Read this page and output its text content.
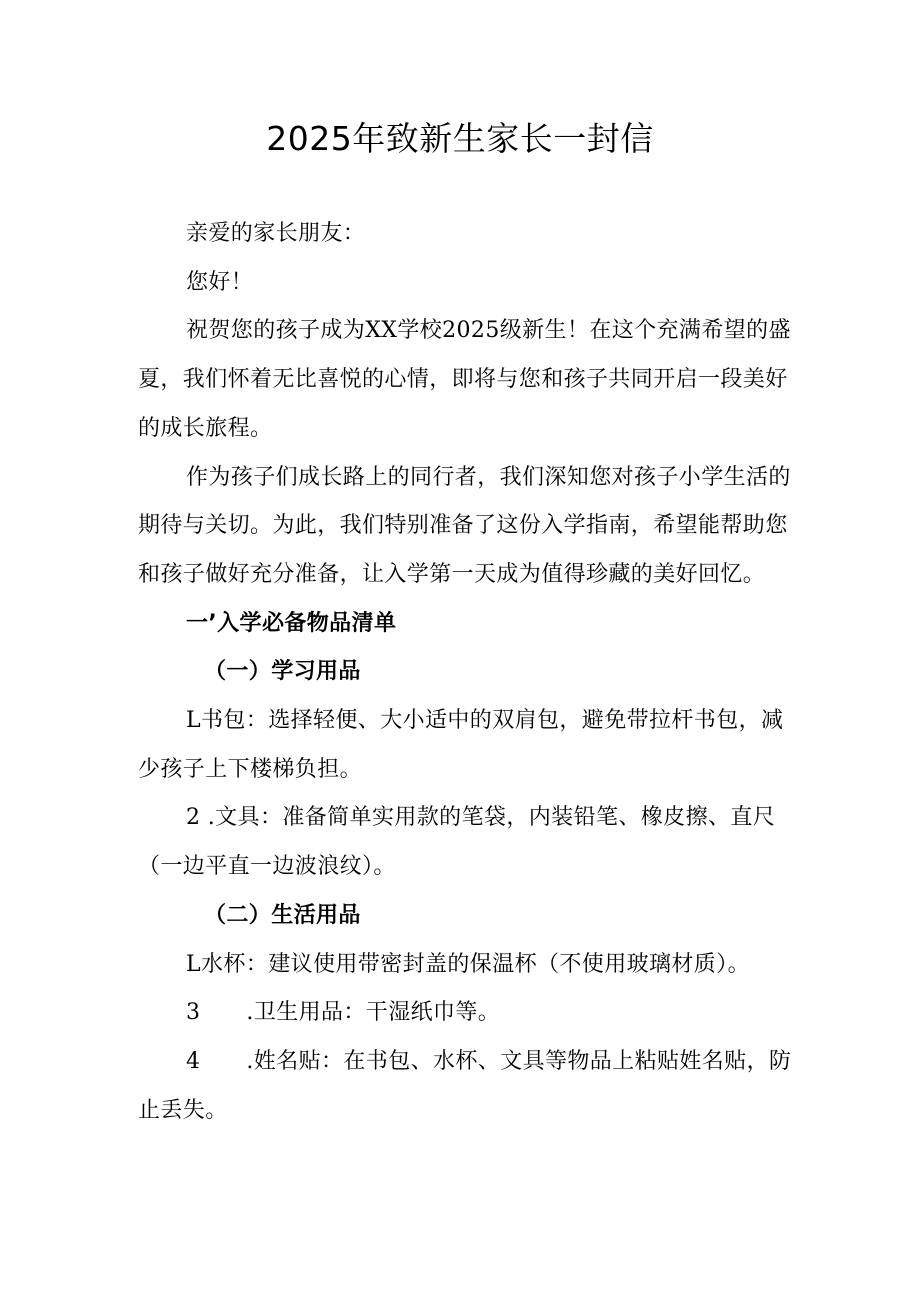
2025年致新生家长一封信

亲爱的家长朋友：

您好！

祝贺您的孩子成为XX学校2025级新生！在这个充满希望的盛夏，我们怀着无比喜悦的心情，即将与您和孩子共同开启一段美好的成长旅程。

作为孩子们成长路上的同行者，我们深知您对孩子小学生活的期待与关切。为此，我们特别准备了这份入学指南，希望能帮助您和孩子做好充分准备，让入学第一天成为值得珍藏的美好回忆。

一’入学必备物品清单

（一）学习用品

L书包：选择轻便、大小适中的双肩包，避免带拉杆书包，减少孩子上下楼梯负担。

2 .文具：准备简单实用款的笔袋，内装铅笔、橡皮擦、直尺（一边平直一边波浪纹）。

（二）生活用品

L水杯：建议使用带密封盖的保温杯（不使用玻璃材质）。

3 .卫生用品：干湿纸巾等。

4 .姓名贴：在书包、水杯、文具等物品上粘贴姓名贴，防止丢失。
